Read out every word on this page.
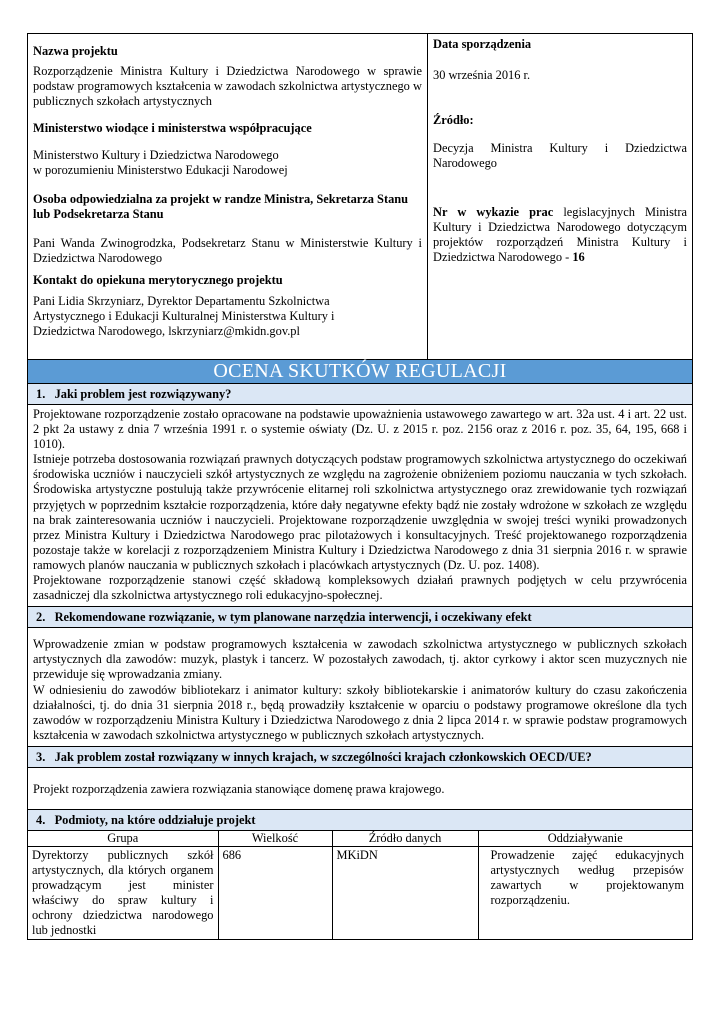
Nazwa projektu

Rozporządzenie Ministra Kultury i Dziedzictwa Narodowego w sprawie podstaw programowych kształcenia w zawodach szkolnictwa artystycznego w publicznych szkołach artystycznych

Ministerstwo wiodące i ministerstwa współpracujące

Ministerstwo Kultury i Dziedzictwa Narodowego

w porozumieniu Ministerstwo Edukacji Narodowej

Osoba odpowiedzialna za projekt w randze Ministra, Sekretarza Stanu lub Podsekretarza Stanu

Pani Wanda Zwinogrodzka, Podsekretarz Stanu w Ministerstwie Kultury i Dziedzictwa Narodowego

Kontakt do opiekuna merytorycznego projektu

Pani Lidia Skrzyniarz, Dyrektor Departamentu Szkolnictwa

Artystycznego i Edukacji Kulturalnej Ministerstwa Kultury i

Dziedzictwa Narodowego, lskrzyniarz@mkidn.gov.pl

Data sporządzenia

30 września 2016 r.

Źródło:

Decyzja Ministra Kultury i Dziedzictwa Narodowego

Nr w wykazie prac legislacyjnych Ministra Kultury i Dziedzictwa Narodowego dotyczącym projektów rozporządzeń Ministra Kultury i Dziedzictwa Narodowego - 16

OCENA SKUTKÓW REGULACJI
1.   Jaki problem jest rozwiązywany?

Projektowane rozporządzenie zostało opracowane na podstawie upoważnienia ustawowego zawartego w art. 32a ust. 4 i art. 22 ust. 2 pkt 2a ustawy z dnia 7 września 1991 r. o systemie oświaty (Dz. U. z 2015 r. poz. 2156 oraz z 2016 r. poz. 35, 64, 195, 668 i 1010).

Istnieje potrzeba dostosowania rozwiązań prawnych dotyczących podstaw programowych szkolnictwa artystycznego do oczekiwań środowiska uczniów i nauczycieli szkół artystycznych ze względu na zagrożenie obniżeniem poziomu nauczania w tych szkołach. Środowiska artystyczne postulują także przywrócenie elitarnej roli szkolnictwa artystycznego oraz zrewidowanie tych rozwiązań przyjętych w poprzednim kształcie rozporządzenia, które dały negatywne efekty bądź nie zostały wdrożone w szkołach ze względu na brak zainteresowania uczniów i nauczycieli. Projektowane rozporządzenie uwzględnia w swojej treści wyniki prowadzonych przez Ministra Kultury i Dziedzictwa Narodowego prac pilotażowych i konsultacyjnych. Treść projektowanego rozporządzenia pozostaje także w korelacji z rozporządzeniem Ministra Kultury i Dziedzictwa Narodowego z dnia 31 sierpnia 2016 r. w sprawie ramowych planów nauczania w publicznych szkołach i placówkach artystycznych (Dz. U. poz. 1408).

Projektowane rozporządzenie stanowi część składową kompleksowych działań prawnych podjętych w celu przywrócenia zasadniczej dla szkolnictwa artystycznego roli edukacyjno-społecznej.

2.   Rekomendowane rozwiązanie, w tym planowane narzędzia interwencji, i oczekiwany efekt

Wprowadzenie zmian w podstaw programowych kształcenia w zawodach szkolnictwa artystycznego w publicznych szkołach artystycznych dla zawodów: muzyk, plastyk i tancerz. W pozostałych zawodach, tj. aktor cyrkowy i aktor scen muzycznych nie przewiduje się wprowadzania zmiany.

W odniesieniu do zawodów bibliotekarz i animator kultury: szkoły bibliotekarskie i animatorów kultury do czasu zakończenia działalności, tj. do dnia 31 sierpnia 2018 r., będą prowadziły kształcenie w oparciu o podstawy programowe określone dla tych zawodów w rozporządzeniu Ministra Kultury i Dziedzictwa Narodowego z dnia 2 lipca 2014 r. w sprawie podstaw programowych kształcenia w zawodach szkolnictwa artystycznego w publicznych szkołach artystycznych.

3.   Jak problem został rozwiązany w innych krajach, w szczególności krajach członkowskich OECD/UE?

Projekt rozporządzenia zawiera rozwiązania stanowiące domenę prawa krajowego.

4.   Podmioty, na które oddziałuje projekt
Grupa	Wielkość	Źródło danych	Oddziaływanie
Dyrektorzy publicznych szkół artystycznych, dla których organem prowadzącym jest minister właściwy do spraw kultury i ochrony dziedzictwa narodowego lub jednostki	686	MKiDN	Prowadzenie zajęć edukacyjnych artystycznych według przepisów zawartych w projektowanym rozporządzeniu.
